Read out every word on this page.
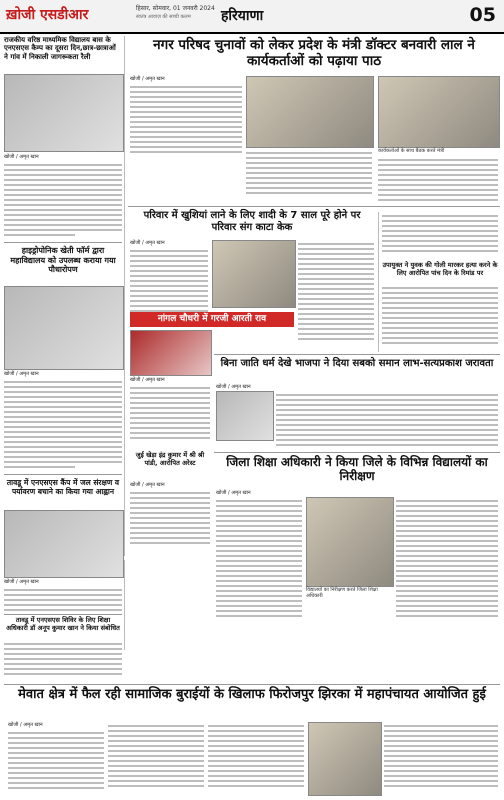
ख़ोजी एसडीआर	हिसार, सोमवार, 01 जनवरी 2024
स्वतंत्र आवाज़ की सच्ची कलम हरियाणा	05
राजकीय वरिष्ठ माध्यमिक विद्यालय बास के एनएसएस कैम्प का दूसरा दिन,छात्र-छात्राओं ने गांव में निकाली जागरूकता रैली
खोजी / अमृत खान
नगर परिषद चुनावों को लेकर प्रदेश के मंत्री डॉक्टर बनवारी लाल ने कार्यकर्ताओं को पढ़ाया पाठ
खोजी / अमृत खान
कार्यकर्ताओं के साथ बैठक करते मंत्री
हाइड्रोपोनिक खेती फॉर्म द्वारा महाविद्यालय को उपलब्ध कराया गया पौधारोपण
खोजी / अमृत खान
परिवार में खुशियां लाने के लिए शादी के 7 साल पूरे होने पर परिवार संग काटा केक
खोजी / अमृत खान
उपायुक्त ने युवक की गोली मारकर हत्या करने के लिए आरोपित पांच दिन के रिमांड पर
नांगल चौधरी में गरजी आरती राव
खोजी / अमृत खान
बिना जाति धर्म देखे भाजपा ने दिया सबको समान लाभ-सत्यप्रकाश जरावता
खोजी / अमृत खान
तावडू में एनएसएस कैंप में जल संरक्षण व पर्यावरण बचाने का किया गया आह्वान
खोजी / अमृत खान
तावडू में एनएसएस शिविर के लिए शिक्षा अधिकारी डॉ अनूप कुमार खान ने किया संबोधित
जुई खेड़ा इंद्र कुमार में श्री श्री पांडी, आरोपित अरेस्ट
खोजी / अमृत खान
जिला शिक्षा अधिकारी ने किया जिले के विभिन्न विद्यालयों का निरीक्षण
खोजी / अमृत खान
विद्यालयों का निरीक्षण करते जिला शिक्षा अधिकारी
मेवात क्षेत्र में फैल रही सामाजिक बुराईयों के खिलाफ फिरोजपुर झिरका में महापंचायत आयोजित हुई
खोजी / अमृत खान
